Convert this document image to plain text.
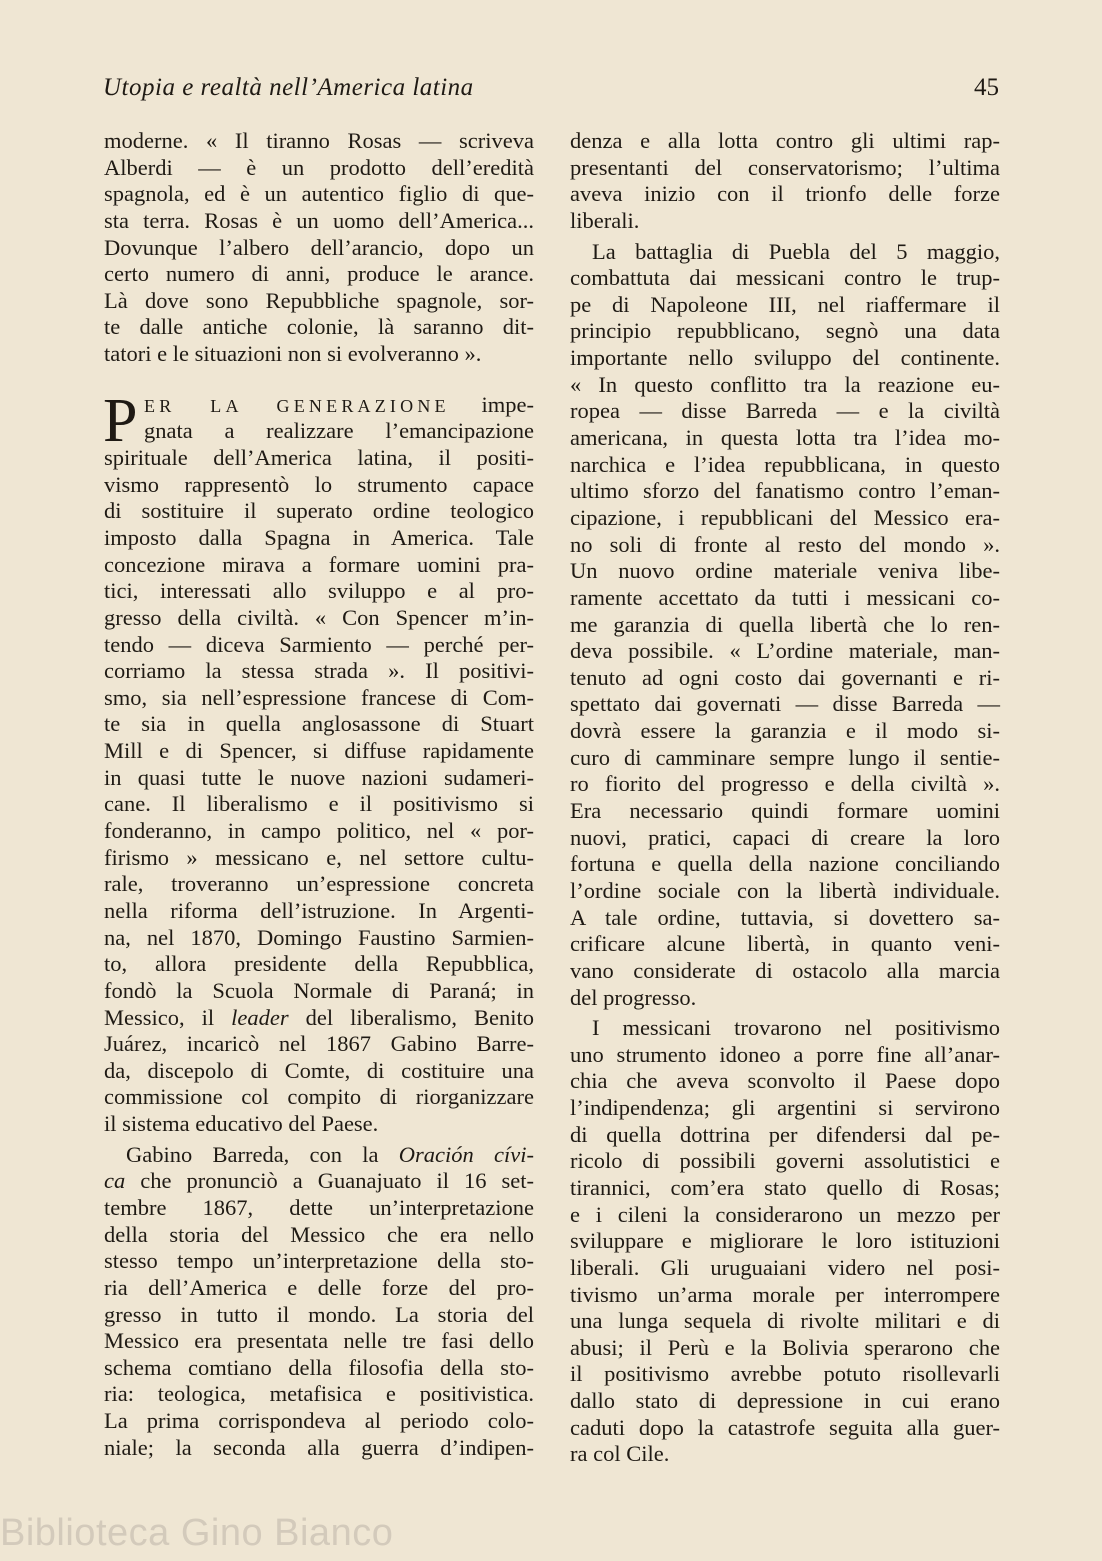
Utopia e realtà nell’America latina	45
moderne. « Il tiranno Rosas — scriveva
Alberdi — è un prodotto dell’eredità
spagnola, ed è un autentico figlio di que-
sta terra. Rosas è un uomo dell’America...
Dovunque l’albero dell’arancio, dopo un
certo numero di anni, produce le arance.
Là dove sono Repubbliche spagnole, sor-
te dalle antiche colonie, là saranno dit-
tatori e le situazioni non si evolveranno ».
P ER LA GENERAZIONE impe-
gnata a realizzare l’emancipazione
spirituale dell’America latina, il positi-
vismo rappresentò lo strumento capace
di sostituire il superato ordine teologico
imposto dalla Spagna in America. Tale
concezione mirava a formare uomini pra-
tici, interessati allo sviluppo e al pro-
gresso della civiltà. « Con Spencer m’in-
tendo — diceva Sarmiento — perché per-
corriamo la stessa strada ». Il positivi-
smo, sia nell’espressione francese di Com-
te sia in quella anglosassone di Stuart
Mill e di Spencer, si diffuse rapidamente
in quasi tutte le nuove nazioni sudameri-
cane. Il liberalismo e il positivismo si
fonderanno, in campo politico, nel « por-
firismo » messicano e, nel settore cultu-
rale, troveranno un’espressione concreta
nella riforma dell’istruzione. In Argenti-
na, nel 1870, Domingo Faustino Sarmien-
to, allora presidente della Repubblica,
fondò la Scuola Normale di Paraná; in
Messico, il leader del liberalismo, Benito
Juárez, incaricò nel 1867 Gabino Barre-
da, discepolo di Comte, di costituire una
commissione col compito di riorganizzare
il sistema educativo del Paese.
Gabino Barreda, con la Oración cívi-
ca che pronunciò a Guanajuato il 16 set-
tembre 1867, dette un’interpretazione
della storia del Messico che era nello
stesso tempo un’interpretazione della sto-
ria dell’America e delle forze del pro-
gresso in tutto il mondo. La storia del
Messico era presentata nelle tre fasi dello
schema comtiano della filosofia della sto-
ria: teologica, metafisica e positivistica.
La prima corrispondeva al periodo colo-
niale; la seconda alla guerra d’indipen-
denza e alla lotta contro gli ultimi rap-
presentanti del conservatorismo; l’ultima
aveva inizio con il trionfo delle forze
liberali.
La battaglia di Puebla del 5 maggio,
combattuta dai messicani contro le trup-
pe di Napoleone III, nel riaffermare il
principio repubblicano, segnò una data
importante nello sviluppo del continente.
« In questo conflitto tra la reazione eu-
ropea — disse Barreda — e la civiltà
americana, in questa lotta tra l’idea mo-
narchica e l’idea repubblicana, in questo
ultimo sforzo del fanatismo contro l’eman-
cipazione, i repubblicani del Messico era-
no soli di fronte al resto del mondo ».
Un nuovo ordine materiale veniva libe-
ramente accettato da tutti i messicani co-
me garanzia di quella libertà che lo ren-
deva possibile. « L’ordine materiale, man-
tenuto ad ogni costo dai governanti e ri-
spettato dai governati — disse Barreda —
dovrà essere la garanzia e il modo si-
curo di camminare sempre lungo il sentie-
ro fiorito del progresso e della civiltà ».
Era necessario quindi formare uomini
nuovi, pratici, capaci di creare la loro
fortuna e quella della nazione conciliando
l’ordine sociale con la libertà individuale.
A tale ordine, tuttavia, si dovettero sa-
crificare alcune libertà, in quanto veni-
vano considerate di ostacolo alla marcia
del progresso.
I messicani trovarono nel positivismo
uno strumento idoneo a porre fine all’anar-
chia che aveva sconvolto il Paese dopo
l’indipendenza; gli argentini si servirono
di quella dottrina per difendersi dal pe-
ricolo di possibili governi assolutistici e
tirannici, com’era stato quello di Rosas;
e i cileni la considerarono un mezzo per
sviluppare e migliorare le loro istituzioni
liberali. Gli uruguaiani videro nel posi-
tivismo un’arma morale per interrompere
una lunga sequela di rivolte militari e di
abusi; il Perù e la Bolivia sperarono che
il positivismo avrebbe potuto risollevarli
dallo stato di depressione in cui erano
caduti dopo la catastrofe seguita alla guer-
ra col Cile.
Biblioteca Gino Bianco
